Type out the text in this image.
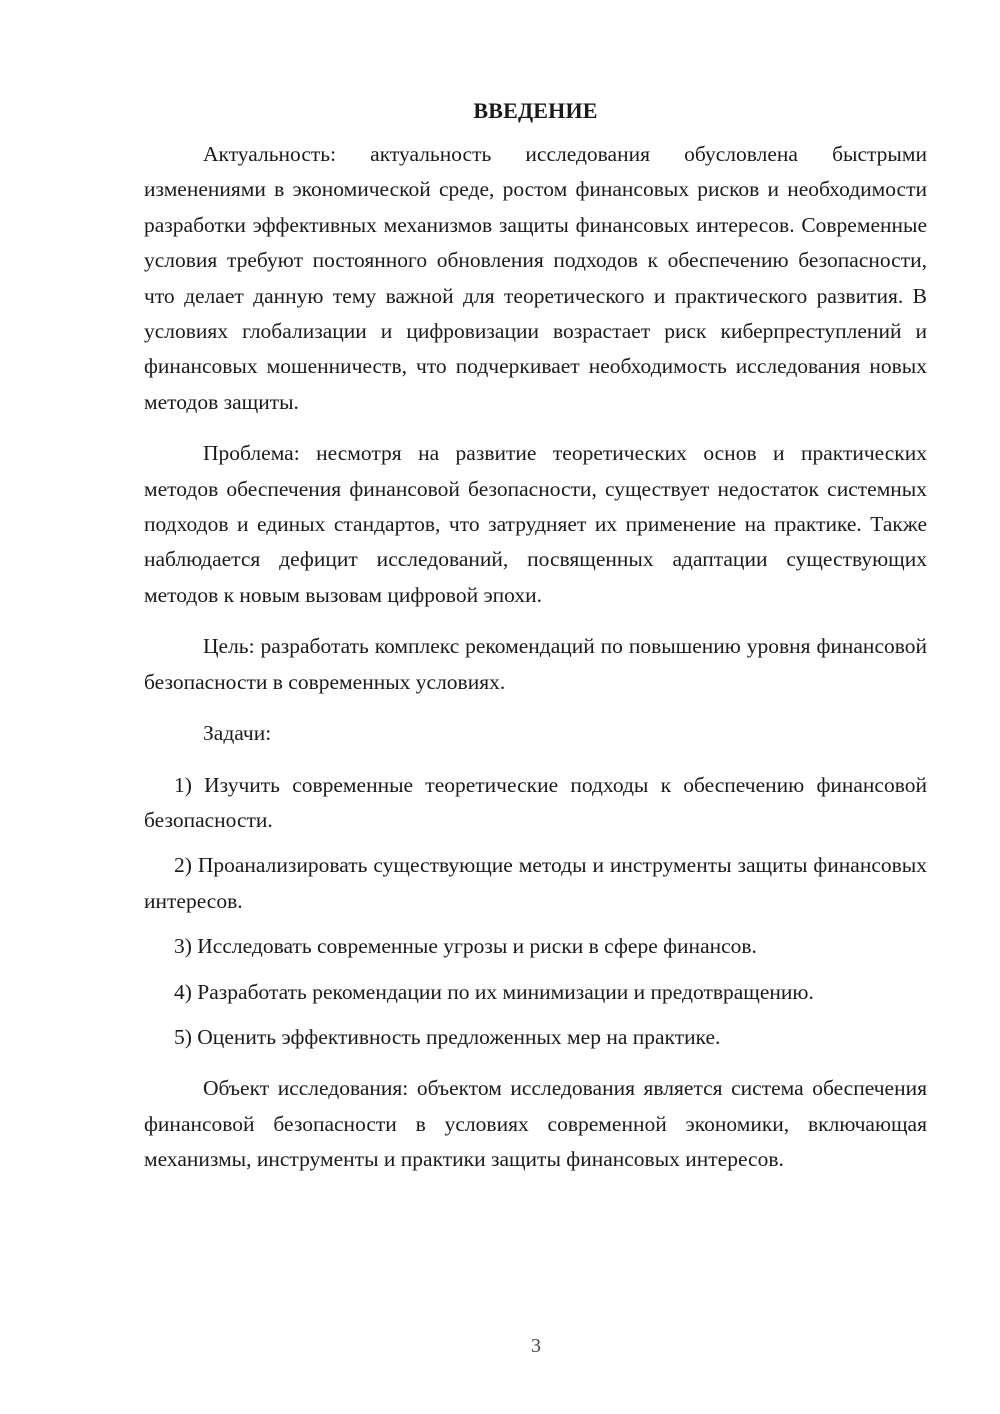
ВВЕДЕНИЕ

Актуальность: актуальность исследования обусловлена быстрыми изменениями в экономической среде, ростом финансовых рисков и необходимости разработки эффективных механизмов защиты финансовых интересов. Современные условия требуют постоянного обновления подходов к обеспечению безопасности, что делает данную тему важной для теоретического и практического развития. В условиях глобализации и цифровизации возрастает риск киберпреступлений и финансовых мошенничеств, что подчеркивает необходимость исследования новых методов защиты.

Проблема: несмотря на развитие теоретических основ и практических методов обеспечения финансовой безопасности, существует недостаток системных подходов и единых стандартов, что затрудняет их применение на практике. Также наблюдается дефицит исследований, посвященных адаптации существующих методов к новым вызовам цифровой эпохи.

Цель: разработать комплекс рекомендаций по повышению уровня финансовой безопасности в современных условиях.

Задачи:

1) Изучить современные теоретические подходы к обеспечению финансовой безопасности.

2) Проанализировать существующие методы и инструменты защиты финансовых интересов.

3) Исследовать современные угрозы и риски в сфере финансов.

4) Разработать рекомендации по их минимизации и предотвращению.

5) Оценить эффективность предложенных мер на практике.

Объект исследования: объектом исследования является система обеспечения финансовой безопасности в условиях современной экономики, включающая механизмы, инструменты и практики защиты финансовых интересов.

3
